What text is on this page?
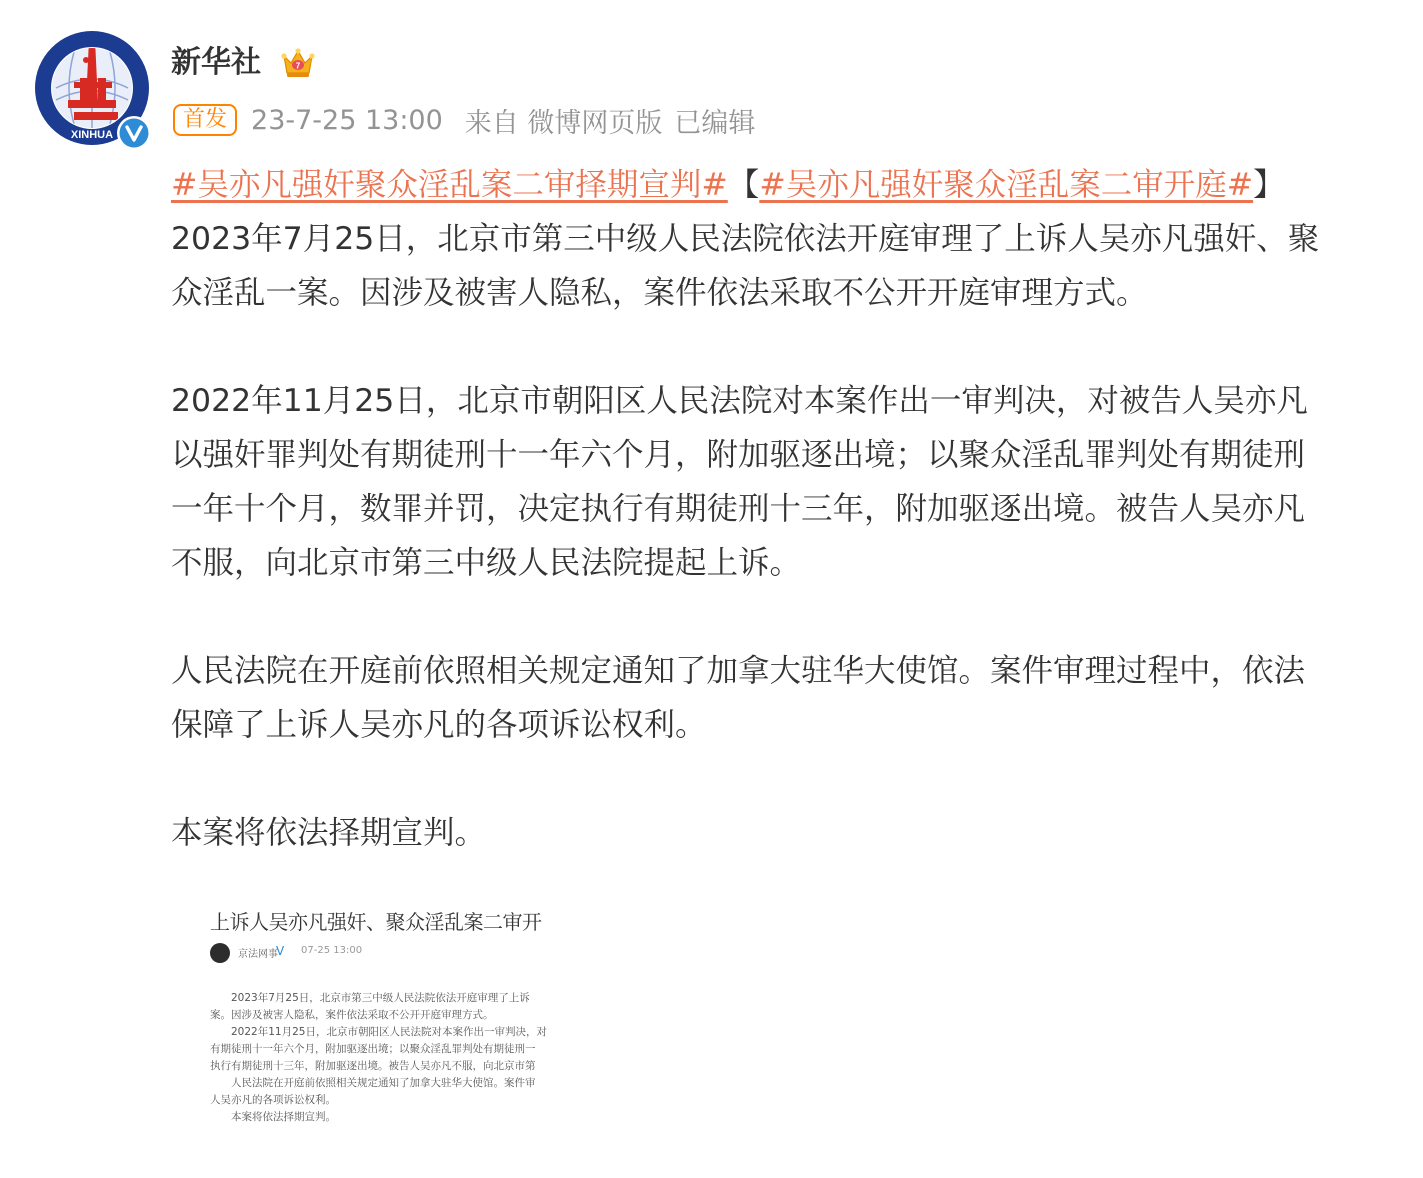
XINHUA
新华社	7
首发 23-7-25 13:00 来自 微博网页版 已编辑

#吴亦凡强奸聚众淫乱案二审择期宣判#【#吴亦凡强奸聚众淫乱案二审开庭#】

2023年7月25日，北京市第三中级人民法院依法开庭审理了上诉人吴亦凡强奸、聚

众淫乱一案。因涉及被害人隐私，案件依法采取不公开开庭审理方式。

2022年11月25日，北京市朝阳区人民法院对本案作出一审判决，对被告人吴亦凡

以强奸罪判处有期徒刑十一年六个月，附加驱逐出境；以聚众淫乱罪判处有期徒刑

一年十个月，数罪并罚，决定执行有期徒刑十三年，附加驱逐出境。被告人吴亦凡

不服，向北京市第三中级人民法院提起上诉。

人民法院在开庭前依照相关规定通知了加拿大驻华大使馆。案件审理过程中，依法

保障了上诉人吴亦凡的各项诉讼权利。

本案将依法择期宣判。

上诉人吴亦凡强奸、聚众淫乱案二审开
京法网事
V 07-25 13:00
　　2023年7月25日，北京市第三中级人民法院依法开庭审理了上诉
案。因涉及被害人隐私，案件依法采取不公开开庭审理方式。
　　2022年11月25日，北京市朝阳区人民法院对本案作出一审判决，对
有期徒刑十一年六个月，附加驱逐出境；以聚众淫乱罪判处有期徒刑一
执行有期徒刑十三年，附加驱逐出境。被告人吴亦凡不服，向北京市第
　　人民法院在开庭前依照相关规定通知了加拿大驻华大使馆。案件审
人吴亦凡的各项诉讼权利。
　　本案将依法择期宣判。
